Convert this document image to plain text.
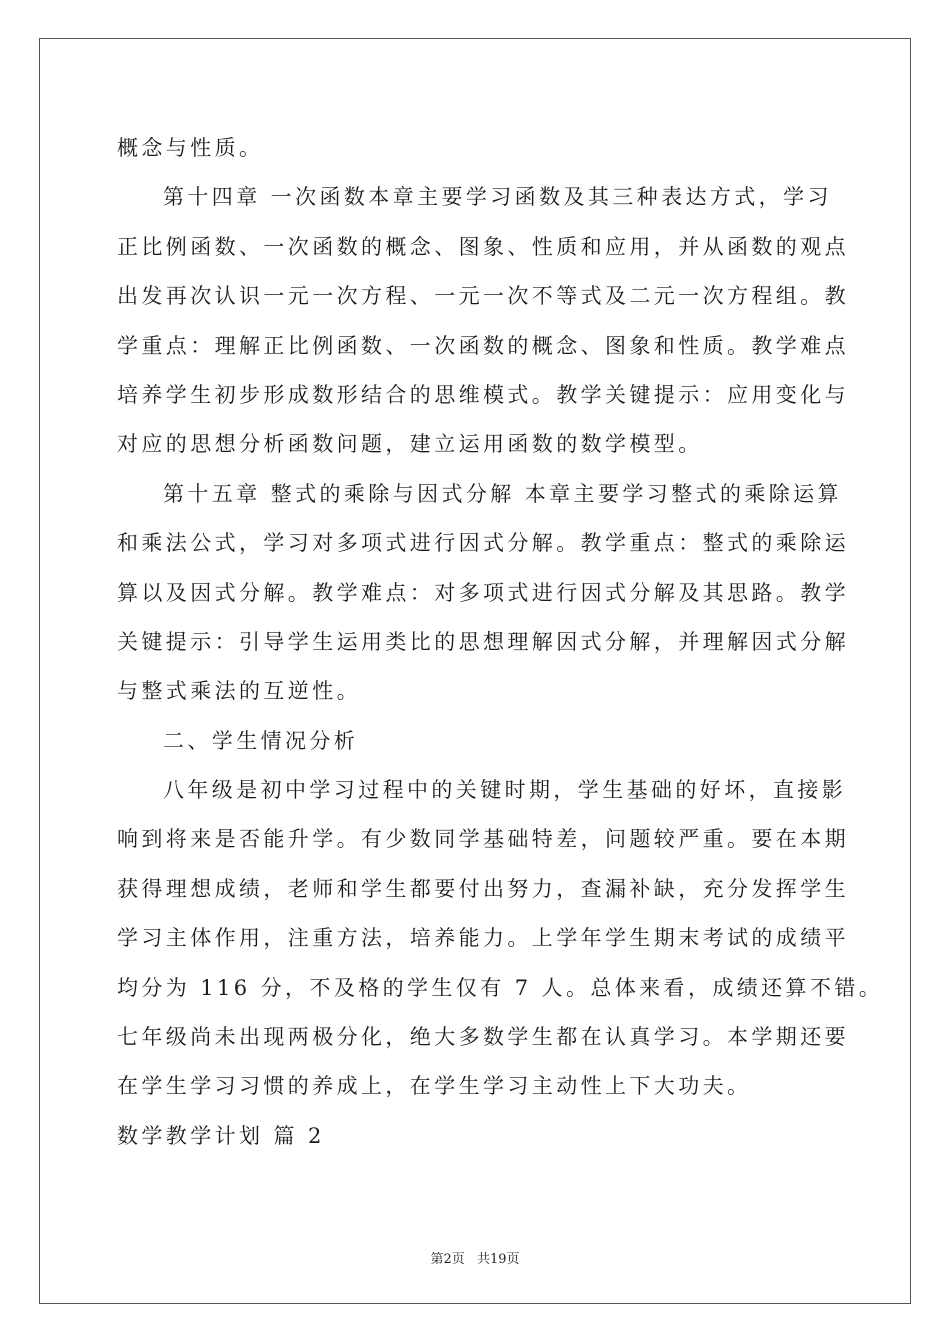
概念与性质。
第十四章 一次函数本章主要学习函数及其三种表达方式，学习
正比例函数、一次函数的概念、图象、性质和应用，并从函数的观点
出发再次认识一元一次方程、一元一次不等式及二元一次方程组。教
学重点：理解正比例函数、一次函数的概念、图象和性质。教学难点
培养学生初步形成数形结合的思维模式。教学关键提示：应用变化与
对应的思想分析函数问题，建立运用函数的数学模型。
第十五章 整式的乘除与因式分解 本章主要学习整式的乘除运算
和乘法公式，学习对多项式进行因式分解。教学重点：整式的乘除运
算以及因式分解。教学难点：对多项式进行因式分解及其思路。教学
关键提示：引导学生运用类比的思想理解因式分解，并理解因式分解
与整式乘法的互逆性。
二、学生情况分析
八年级是初中学习过程中的关键时期，学生基础的好坏，直接影
响到将来是否能升学。有少数同学基础特差，问题较严重。要在本期
获得理想成绩，老师和学生都要付出努力，查漏补缺，充分发挥学生
学习主体作用，注重方法，培养能力。上学年学生期末考试的成绩平
均分为 116 分，不及格的学生仅有 7 人。总体来看，成绩还算不错。
七年级尚未出现两极分化，绝大多数学生都在认真学习。本学期还要
在学生学习习惯的养成上，在学生学习主动性上下大功夫。
数学教学计划 篇 2
第2页 共19页
